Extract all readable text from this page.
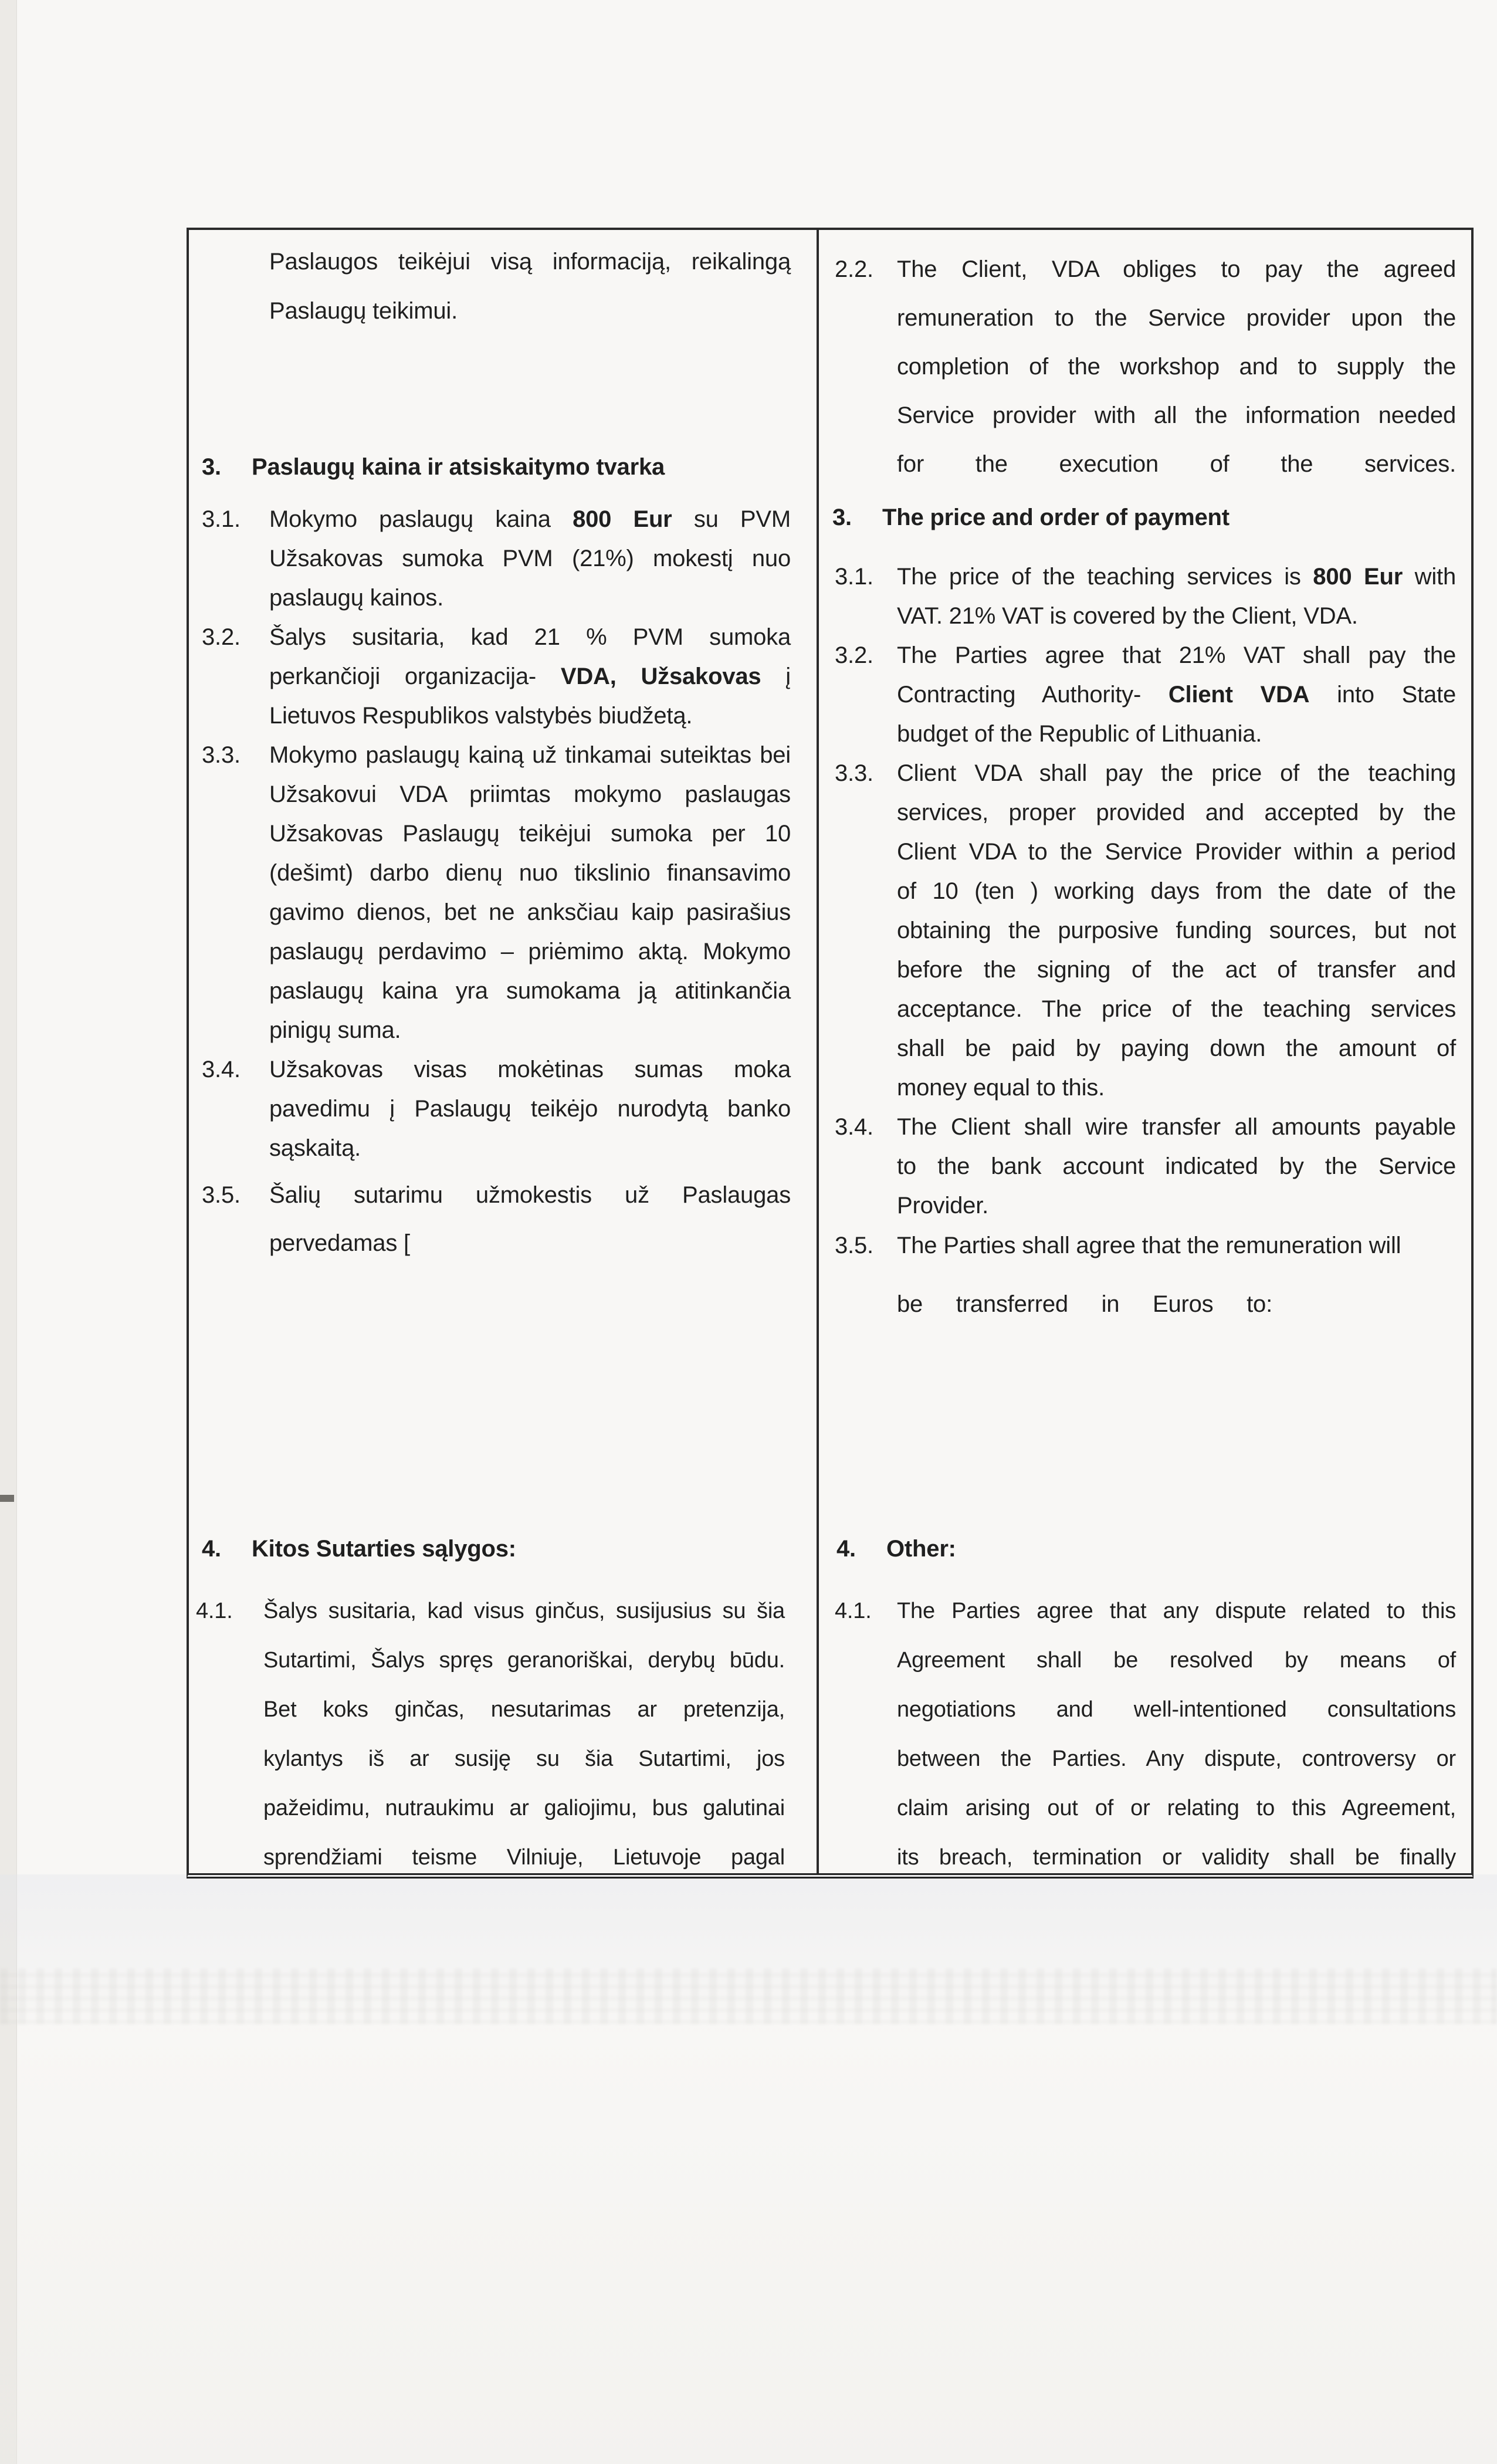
Paslaugos teikėjui visą informaciją, reikalingą
Paslaugų teikimui.
3. Paslaugų kaina ir atsiskaitymo tvarka
3.1. Mokymo paslaugų kaina 800 Eur su PVM
Užsakovas sumoka PVM (21%) mokestį nuo
paslaugų kainos.
3.2. Šalys susitaria, kad 21 % PVM sumoka
perkančioji organizacija- VDA, Užsakovas į
Lietuvos Respublikos valstybės biudžetą.
3.3. Mokymo paslaugų kainą už tinkamai suteiktas bei
Užsakovui VDA priimtas mokymo paslaugas
Užsakovas Paslaugų teikėjui sumoka per 10
(dešimt) darbo dienų nuo tikslinio finansavimo
gavimo dienos, bet ne anksčiau kaip pasirašius
paslaugų perdavimo – priėmimo aktą. Mokymo
paslaugų kaina yra sumokama ją atitinkančia
pinigų suma.
3.4. Užsakovas visas mokėtinas sumas moka
pavedimu į Paslaugų teikėjo nurodytą banko
sąskaitą.
3.5. Šalių sutarimu užmokestis už Paslaugas
pervedamas [
2.2. The Client, VDA obliges to pay the agreed
remuneration to the Service provider upon the
completion of the workshop and to supply the
Service provider with all the information needed
for the execution of the services.
3. The price and order of payment
3.1. The price of the teaching services is 800 Eur with
VAT. 21% VAT is covered by the Client, VDA.
3.2. The Parties agree that 21% VAT shall pay the
Contracting Authority- Client VDA into State
budget of the Republic of Lithuania.
3.3. Client VDA shall pay the price of the teaching
services, proper provided and accepted by the
Client VDA to the Service Provider within a period
of 10 (ten ) working days from the date of the
obtaining the purposive funding sources, but not
before the signing of the act of transfer and
acceptance. The price of the teaching services
shall be paid by paying down the amount of
money equal to this.
3.4. The Client shall wire transfer all amounts payable
to the bank account indicated by the Service
Provider.
3.5. The Parties shall agree that the remuneration will
be transferred in Euros to:
4. Kitos Sutarties sąlygos:
4.1. Šalys susitaria, kad visus ginčus, susijusius su šia
Sutartimi, Šalys spręs geranoriškai, derybų būdu.
Bet koks ginčas, nesutarimas ar pretenzija,
kylantys iš ar susiję su šia Sutartimi, jos
pažeidimu, nutraukimu ar galiojimu, bus galutinai
sprendžiami teisme Vilniuje, Lietuvoje pagal
4. Other:
4.1. The Parties agree that any dispute related to this
Agreement shall be resolved by means of
negotiations and well-intentioned consultations
between the Parties. Any dispute, controversy or
claim arising out of or relating to this Agreement,
its breach, termination or validity shall be finally
